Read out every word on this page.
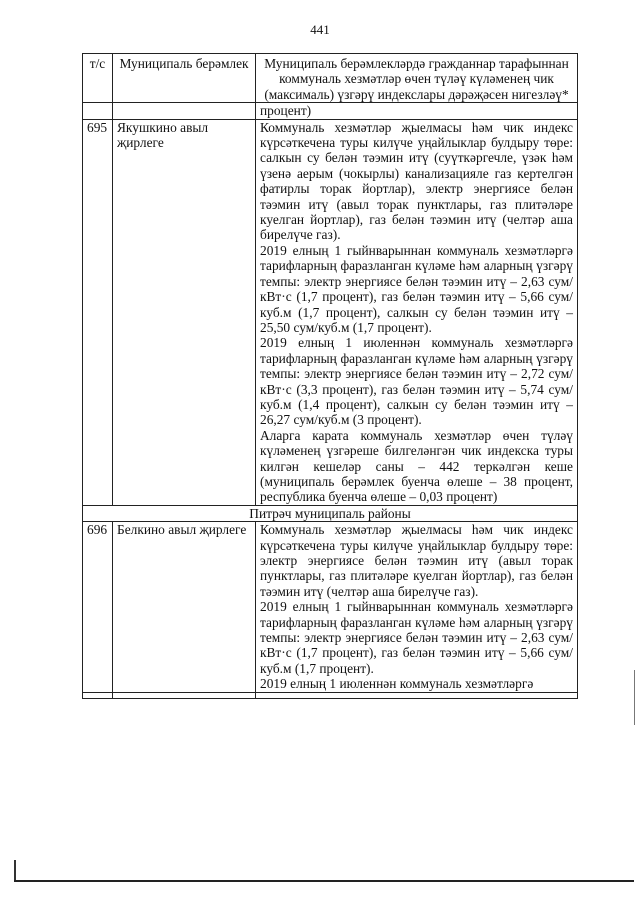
441
т/с	Муниципаль берәмлек	Муниципаль берәмлекләрдә гражданнар тарафыннан коммуналь хезмәтләр өчен түләү күләменең чик (максималь) үзгәрү индекслары дәрәҗәсен нигезләү*
		процент)
695	Якушкино авыл җирлеге	Коммуналь хезмәтләр җыелмасы һәм чик индекс күрсәткечена туры килүче уңайлыклар булдыру төре: салкын су белән тәэмин итү (суүткәргечле, үзәк һәм үзенә аерым (чокырлы) канализацияле газ кертелгән фатирлы торак йортлар), электр энергиясе белән тәэмин итү (авыл торак пунктлары, газ плитәләре куелган йортлар), газ белән тәэмин итү (челтәр аша бирелүче газ).

2019 елның 1 гыйнварыннан коммуналь хезмәтләргә тарифларның фаразланган күләме һәм аларның үзгәрү темпы: электр энергиясе белән тәэмин итү – 2,63 сум/кВт·с (1,7 процент), газ белән тәэмин итү – 5,66 сум/куб.м (1,7 процент), салкын су белән тәэмин итү – 25,50 сум/куб.м (1,7 процент).

2019 елның 1 июленнән коммуналь хезмәтләргә тарифларның фаразланган күләме һәм аларның үзгәрү темпы: электр энергиясе белән тәэмин итү – 2,72 сум/кВт·с (3,3 процент), газ белән тәэмин итү – 5,74 сум/куб.м (1,4 процент), салкын су белән тәэмин итү – 26,27 сум/куб.м (3 процент).

Аларга карата коммуналь хезмәтләр өчен түләү күләменең үзгәреше билгеләнгән чик индекска туры килгән кешеләр саны – 442 теркәлгән кеше (муниципаль берәмлек буенча өлеше – 38 процент, республика буенча өлеше – 0,03 процент)

Питрәч муниципаль районы		
696	Белкино авыл җирлеге	Коммуналь хезмәтләр җыелмасы һәм чик индекс күрсәткечена туры килүче уңайлыклар булдыру төре: электр энергиясе белән тәэмин итү (авыл торак пунктлары, газ плитәләре куелган йортлар), газ белән тәэмин итү (челтәр аша бирелүче газ).

2019 елның 1 гыйнварыннан коммуналь хезмәтләргә тарифларның фаразланган күләме һәм аларның үзгәрү темпы: электр энергиясе белән тәэмин итү – 2,63 сум/кВт·с (1,7 процент), газ белән тәэмин итү – 5,66 сум/куб.м (1,7 процент).

2019 елның 1 июленнән коммуналь хезмәтләргә
